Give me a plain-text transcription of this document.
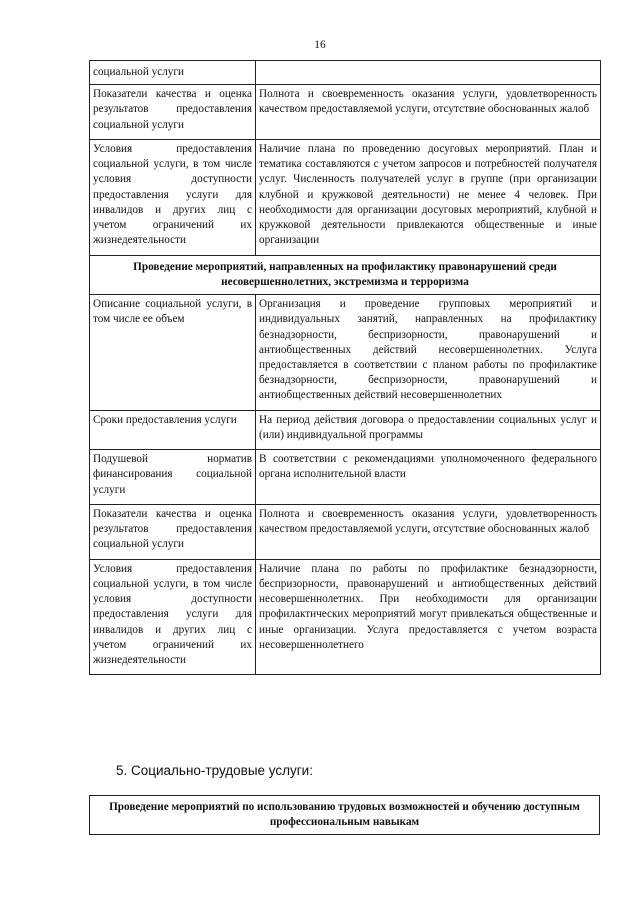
16
социальной услуги	
Показатели качества и оценка результатов предоставления социальной услуги	Полнота и своевременность оказания услуги, удовлетворенность качеством предоставляемой услуги, отсутствие обоснованных жалоб
Условия предоставления социальной услуги, в том числе условия доступности предоставления услуги для инвалидов и других лиц с учетом ограничений их жизнедеятельности	Наличие плана по проведению досуговых мероприятий. План и тематика составляются с учетом запросов и потребностей получателя услуг. Численность получателей услуг в группе (при организации клубной и кружковой деятельности) не менее 4 человек. При необходимости для организации досуговых мероприятий, клубной и кружковой деятельности привлекаются общественные и иные организации
Проведение мероприятий, направленных на профилактику правонарушений среди несовершеннолетних, экстремизма и терроризма	
Описание социальной услуги, в том числе ее объем	Организация и проведение групповых мероприятий и индивидуальных занятий, направленных на профилактику безнадзорности, беспризорности, правонарушений и антиобщественных действий несовершеннолетних. Услуга предоставляется в соответствии с планом работы по профилактике безнадзорности, беспризорности, правонарушений и антиобщественных действий несовершеннолетних
Сроки предоставления услуги	На период действия договора о предоставлении социальных услуг и (или) индивидуальной программы
Подушевой норматив финансирования социальной услуги	В соответствии с рекомендациями уполномоченного федерального органа исполнительной власти
Показатели качества и оценка результатов предоставления социальной услуги	Полнота и своевременность оказания услуги, удовлетворенность качеством предоставляемой услуги, отсутствие обоснованных жалоб
Условия предоставления социальной услуги, в том числе условия доступности предоставления услуги для инвалидов и других лиц с учетом ограничений их жизнедеятельности	Наличие плана по работы по профилактике безнадзорности, беспризорности, правонарушений и антиобщественных действий несовершеннолетних. При необходимости для организации профилактических мероприятий могут привлекаться общественные и иные организации. Услуга предоставляется с учетом возраста несовершеннолетнего
5. Социально-трудовые услуги:
Проведение мероприятий по использованию трудовых возможностей и обучению доступным профессиональным навыкам
